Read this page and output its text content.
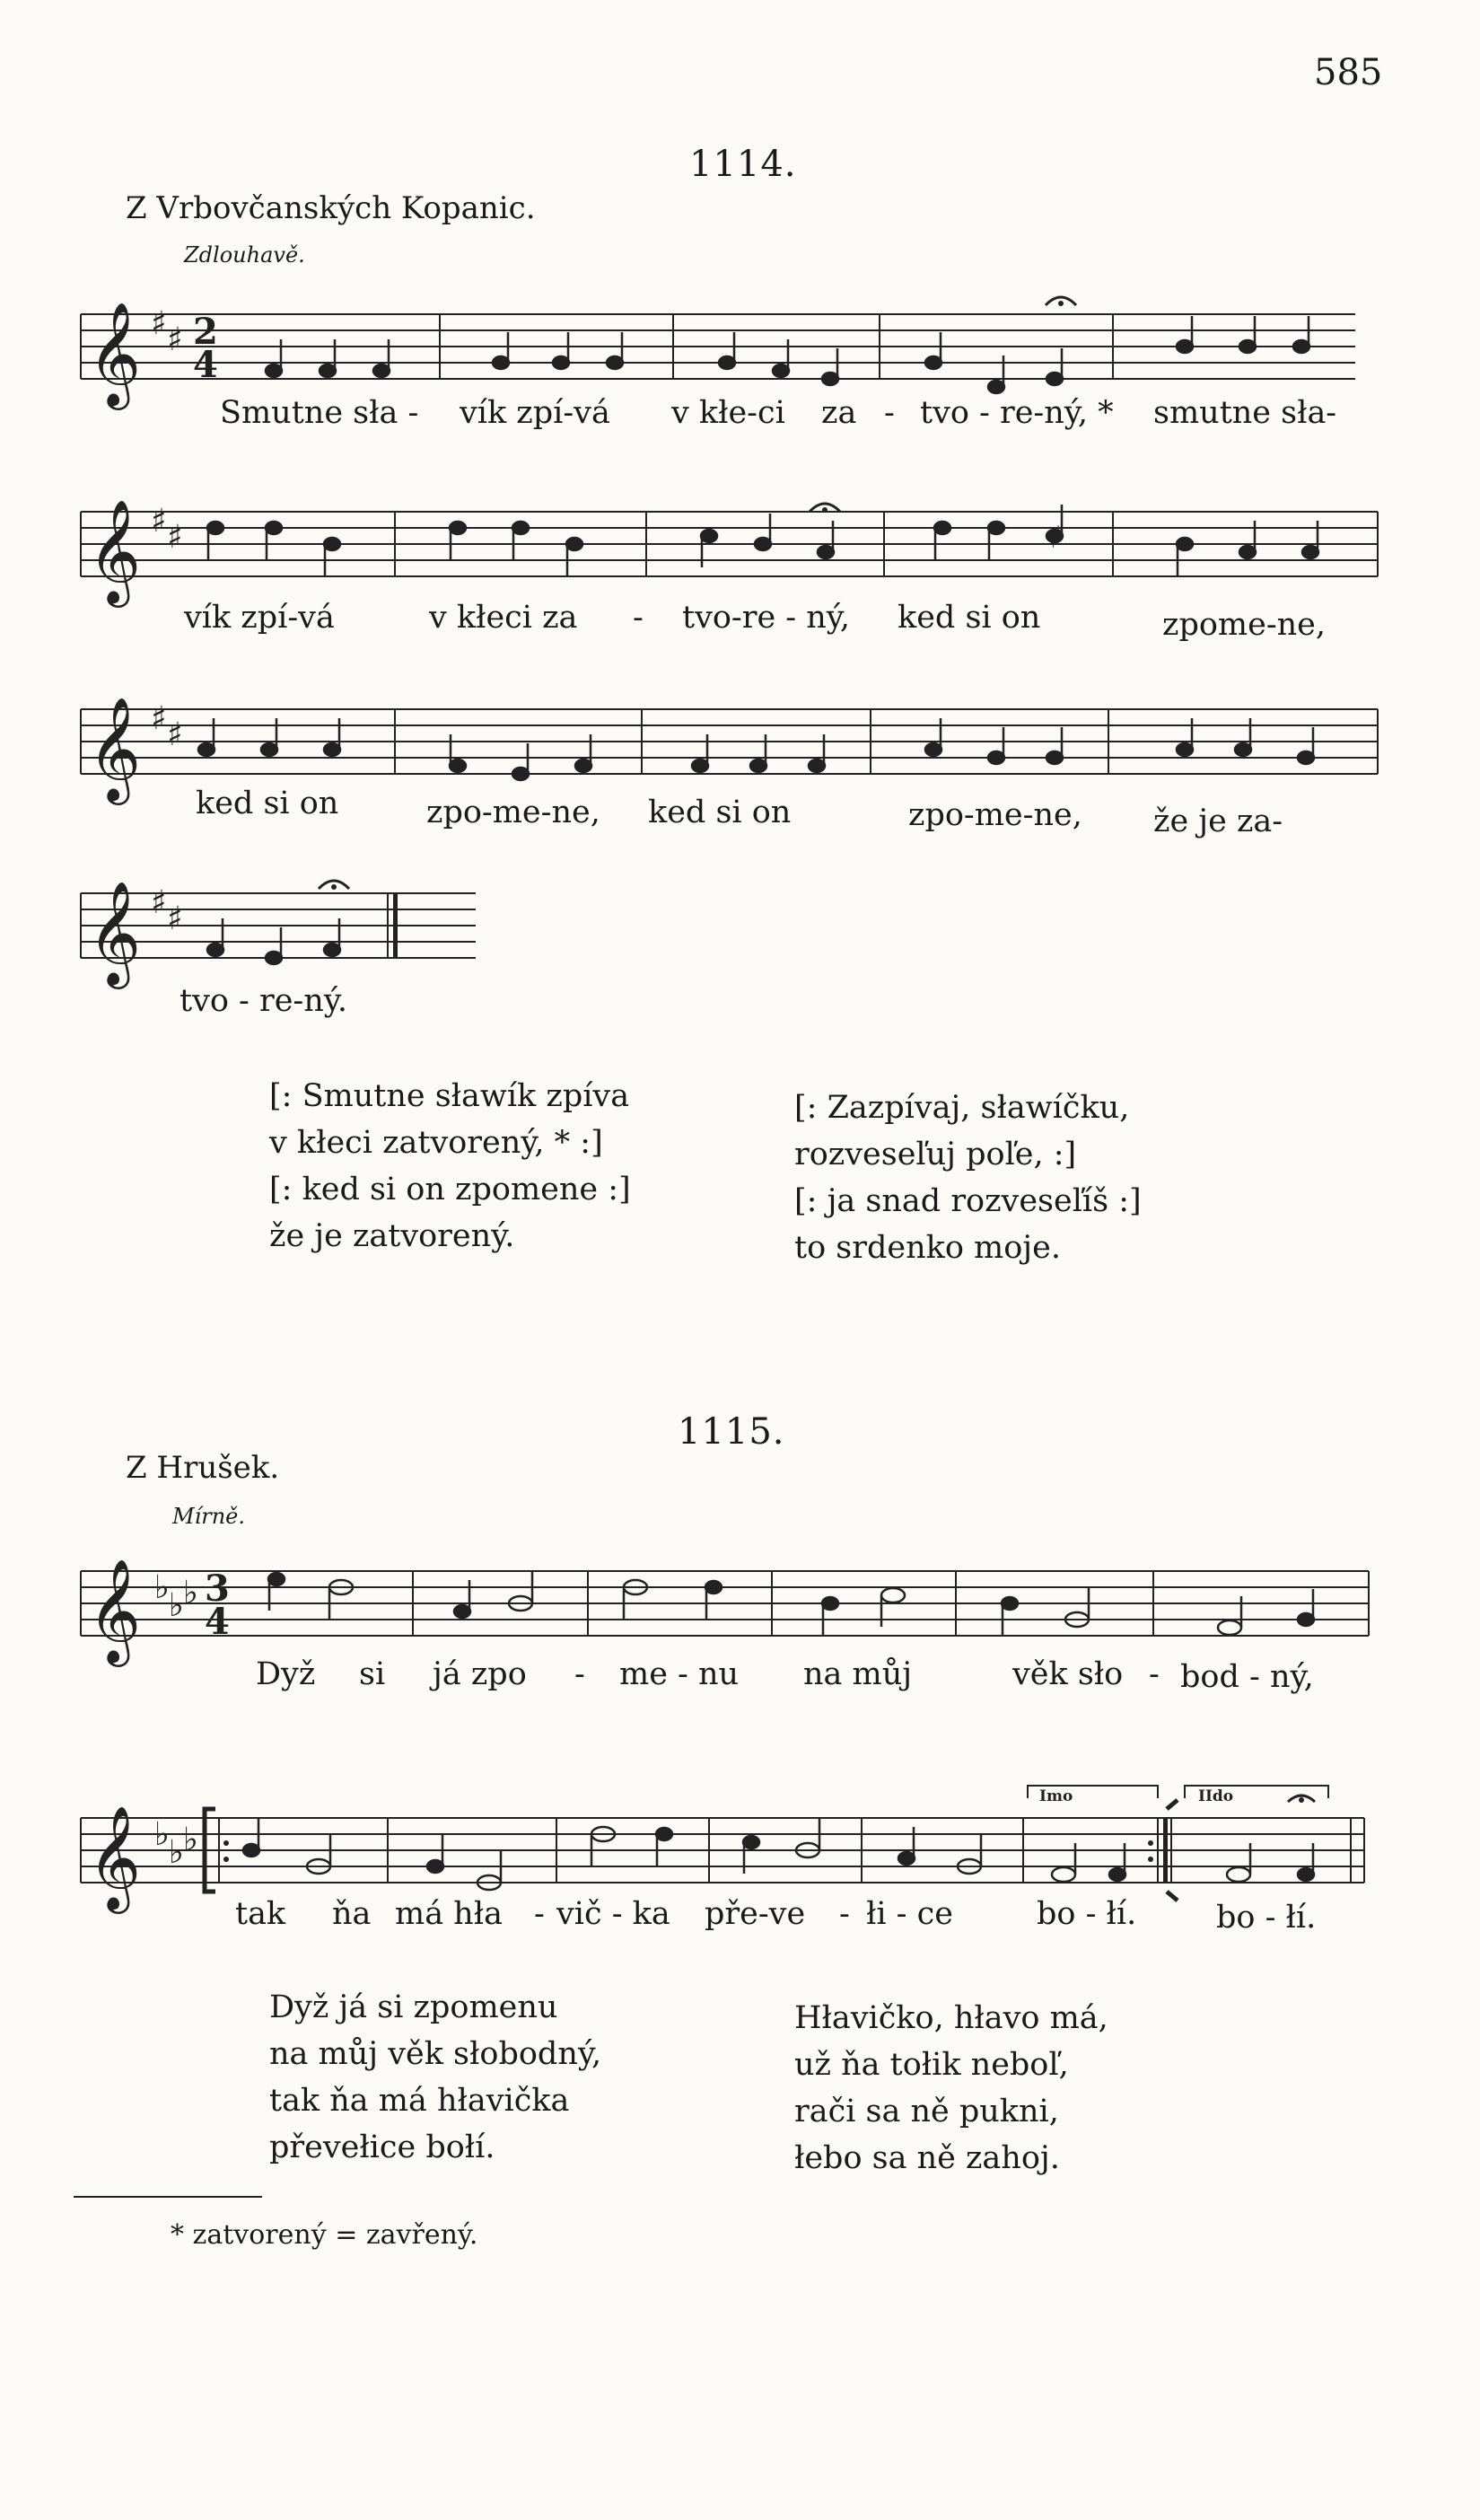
585
1114.
Z Vrbovčanských Kopanic.
Zdlouhavě.
𝄞 ♯ ♯ 2
4
Smutne sła - vík zpí-vá v kłe-ci za - tvo - re-ný, * smutne sła-
𝄞 ♯ ♯	♯
vík zpí-vá	v kłeci za - tvo-re - ný, ked si on	zpome-ne,
𝄞 ♯ ♯
ked si on	zpo-me-ne, ked si on	zpo-me-ne, že je za-
𝄞 ♯ ♯
tvo - re-ný.
[: Smutne sławík zpíva
v kłeci zatvorený, * :]
[: ked si on zpomene :]
že je zatvorený.
[: Zazpívaj, sławíčku,
rozveseľuj poľe, :]
[: ja snad rozveseľíš :]
to srdenko moje.
1115.
Z Hrušek.
Mírně.
𝄞 ♭ ♭ ♭ 3
4
Dyž si já zpo - me - nu na můj	věk sło - bod - ný,
𝄞 ♭ ♭ ♭
Imo	IIdo
tak ňa má hła - vič - ka pře-ve - łi - ce	bo - łí.	bo - łí.
Dyž já si zpomenu
na můj věk słobodný,
tak ňa má hłavička
převełice bołí.
Hłavičko, hłavo má,
už ňa tołik neboľ,
rači sa ně pukni,
łebo sa ně zahoj.
* zatvorený = zavřený.
